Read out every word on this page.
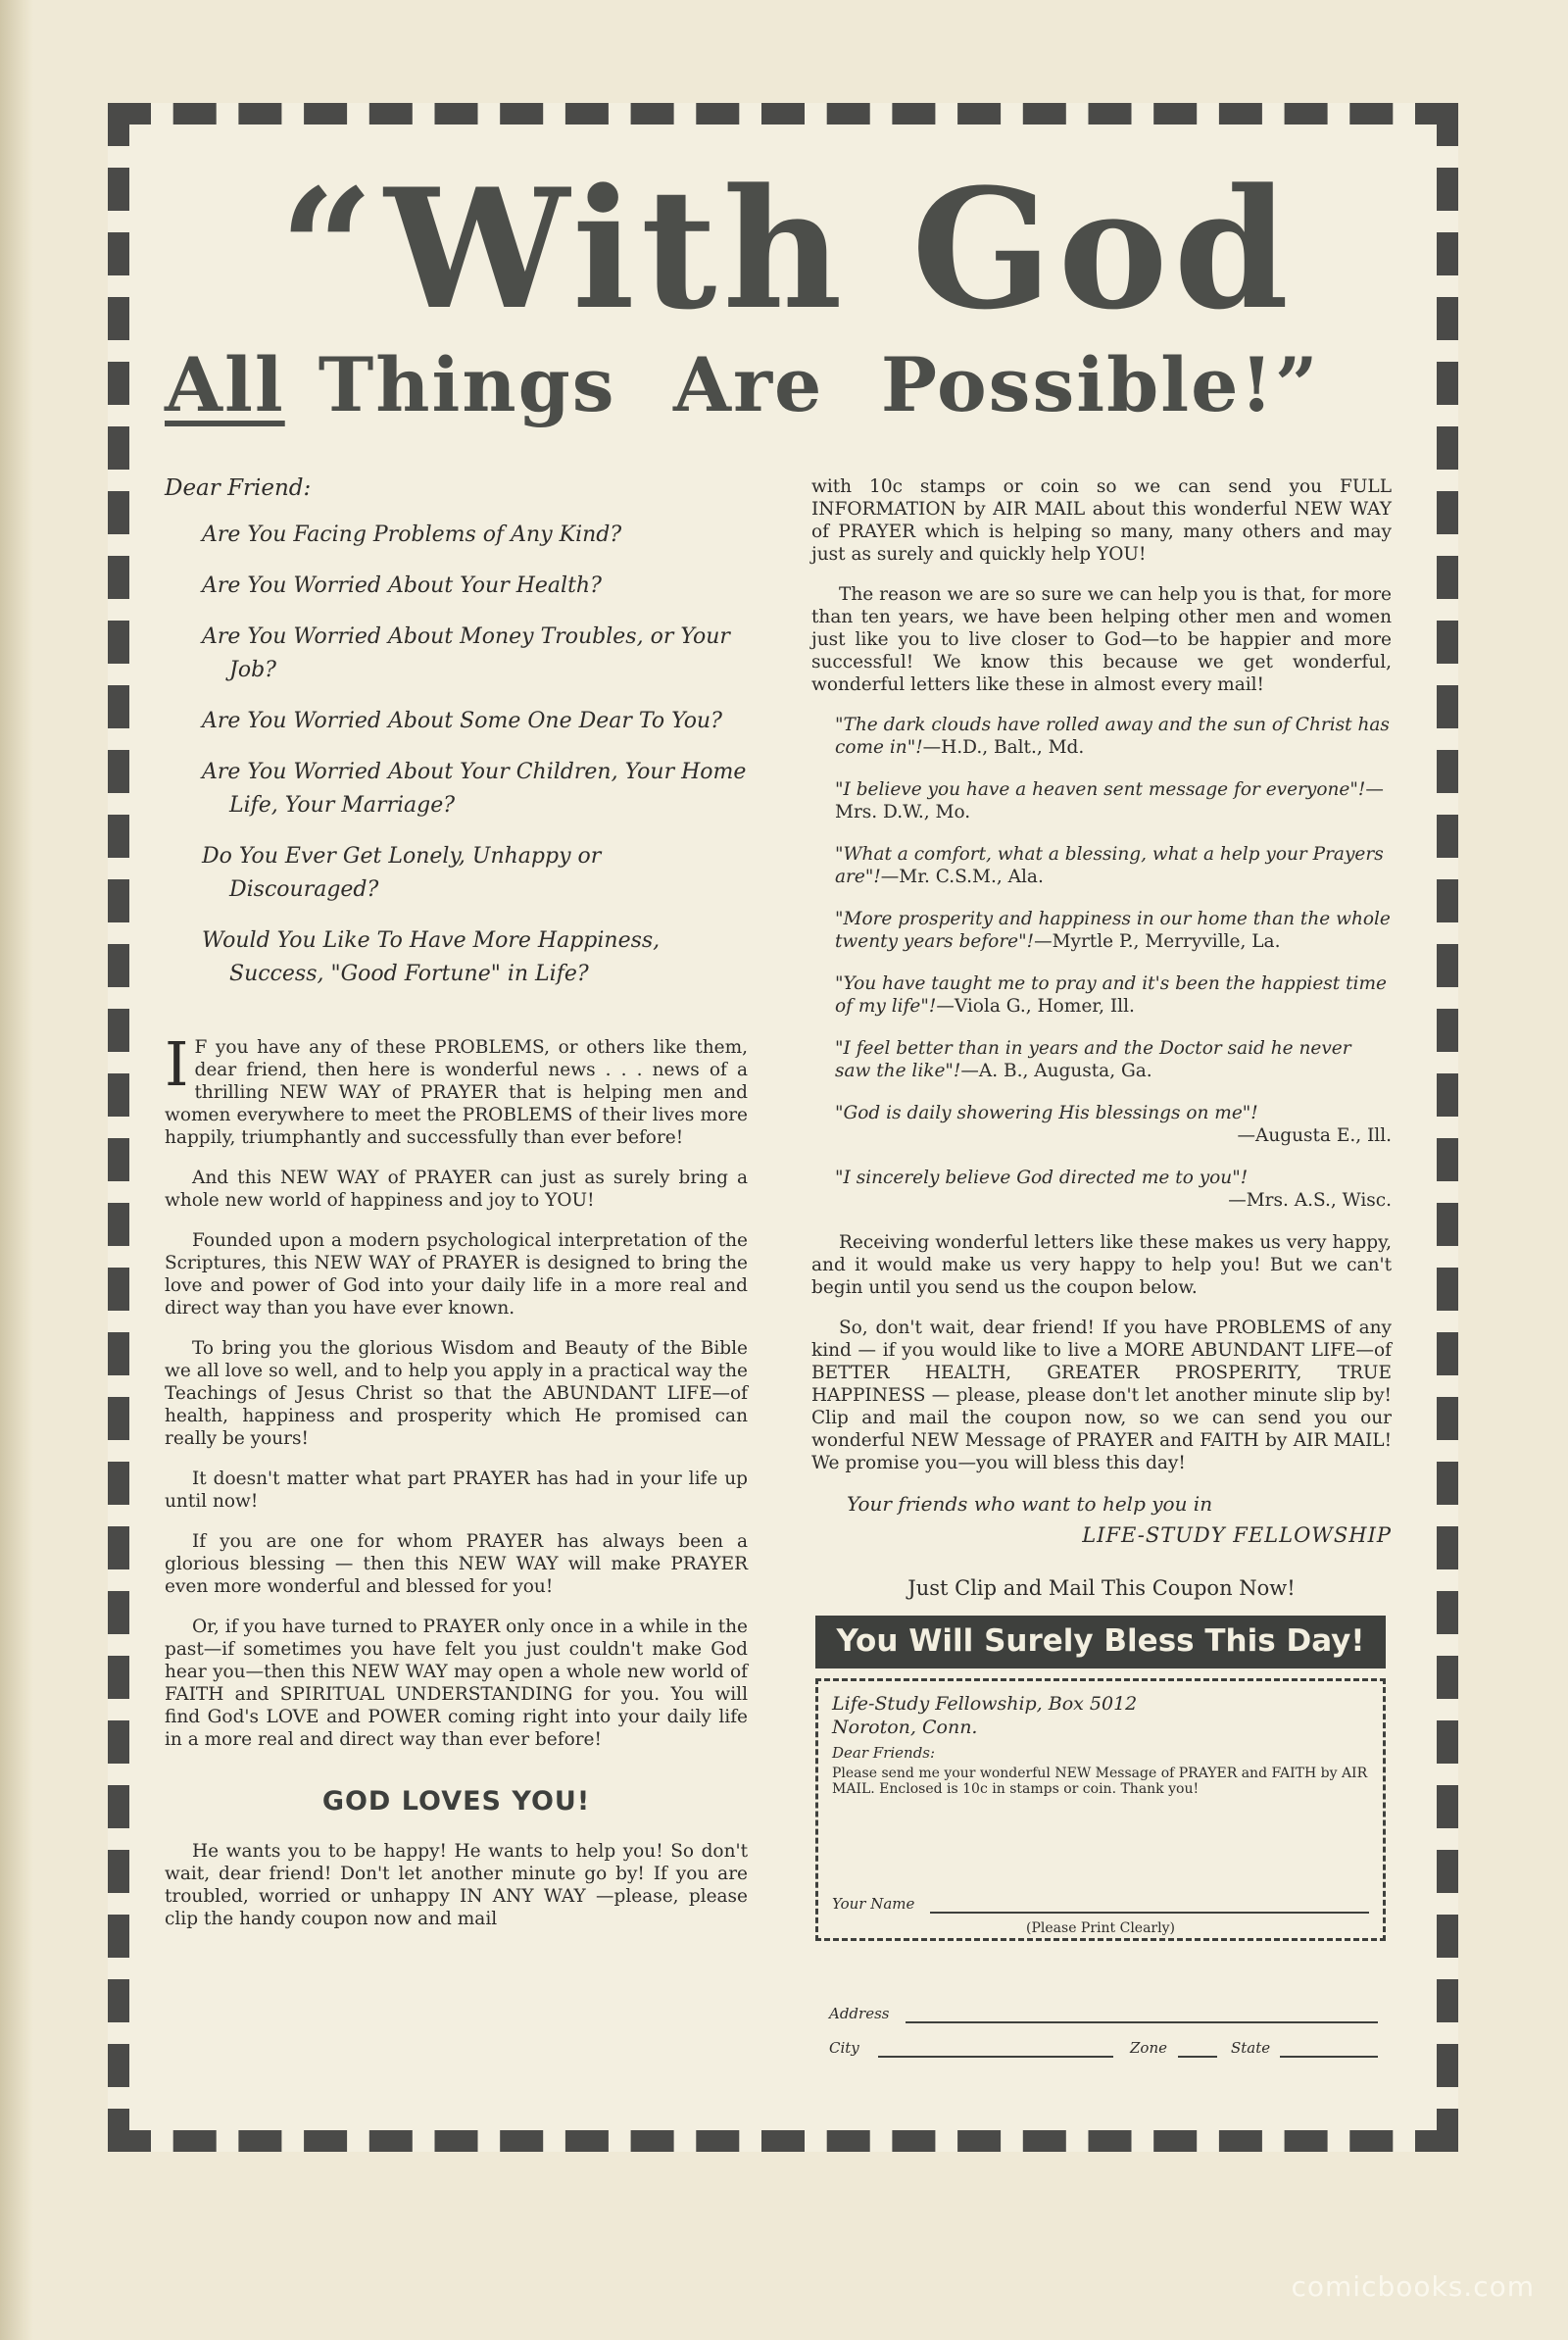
“With God
All Things Are Possible!”

Dear Friend:

Are You Facing Problems of Any Kind?

Are You Worried About Your Health?

Are You Worried About Money Troubles, or Your Job?

Are You Worried About Some One Dear To You?

Are You Worried About Your Children, Your Home Life, Your Marriage?

Do You Ever Get Lonely, Unhappy or Discouraged?

Would You Like To Have More Happiness, Success, "Good Fortune" in Life?

I F you have any of these PROBLEMS, or others like them, dear friend, then here is wonderful news . . . news of a thrilling NEW WAY of PRAYER that is helping men and women everywhere to meet the PROBLEMS of their lives more happily, triumphantly and successfully than ever before!

And this NEW WAY of PRAYER can just as surely bring a whole new world of happiness and joy to YOU!

Founded upon a modern psychological interpretation of the Scriptures, this NEW WAY of PRAYER is designed to bring the love and power of God into your daily life in a more real and direct way than you have ever known.

To bring you the glorious Wisdom and Beauty of the Bible we all love so well, and to help you apply in a practical way the Teachings of Jesus Christ so that the ABUNDANT LIFE—of health, happiness and prosperity which He promised can really be yours!

It doesn't matter what part PRAYER has had in your life up until now!

If you are one for whom PRAYER has always been a glorious blessing — then this NEW WAY will make PRAYER even more wonderful and blessed for you!

Or, if you have turned to PRAYER only once in a while in the past—if sometimes you have felt you just couldn't make God hear you—then this NEW WAY may open a whole new world of FAITH and SPIRITUAL UNDERSTANDING for you. You will find God's LOVE and POWER coming right into your daily life in a more real and direct way than ever before!

GOD LOVES YOU!

He wants you to be happy! He wants to help you! So don't wait, dear friend! Don't let another minute go by! If you are troubled, worried or unhappy IN ANY WAY —please, please clip the handy coupon now and mail

with 10c stamps or coin so we can send you FULL INFORMATION by AIR MAIL about this wonderful NEW WAY of PRAYER which is helping so many, many others and may just as surely and quickly help YOU!

The reason we are so sure we can help you is that, for more than ten years, we have been helping other men and women just like you to live closer to God—to be happier and more successful! We know this because we get wonderful, wonderful letters like these in almost every mail!

"The dark clouds have rolled away and the sun of Christ has come in"!—H.D., Balt., Md.

"I believe you have a heaven sent message for everyone"!—Mrs. D.W., Mo.

"What a comfort, what a blessing, what a help your Prayers are"!—Mr. C.S.M., Ala.

"More prosperity and happiness in our home than the whole twenty years before"!—Myrtle P., Merryville, La.

"You have taught me to pray and it's been the happiest time of my life"!—Viola G., Homer, Ill.

"I feel better than in years and the Doctor said he never saw the like"!—A. B., Augusta, Ga.

"God is daily showering His blessings on me"!
—Augusta E., Ill.

"I sincerely believe God directed me to you"!
—Mrs. A.S., Wisc.

Receiving wonderful letters like these makes us very happy, and it would make us very happy to help you! But we can't begin until you send us the coupon below.

So, don't wait, dear friend! If you have PROBLEMS of any kind — if you would like to live a MORE ABUNDANT LIFE—of BETTER HEALTH, GREATER PROSPERITY, TRUE HAPPINESS — please, please don't let another minute slip by! Clip and mail the coupon now, so we can send you our wonderful NEW Message of PRAYER and FAITH by AIR MAIL! We promise you—you will bless this day!

Your friends who want to help you in

LIFE-STUDY FELLOWSHIP

Just Clip and Mail This Coupon Now!

You Will Surely Bless This Day!

Life-Study Fellowship, Box 5012

Noroton, Conn.

Dear Friends:

Please send me your wonderful NEW Message of PRAYER and FAITH by AIR MAIL. Enclosed is 10c in stamps or coin. Thank you!

Your Name
(Please Print Clearly)
Address
City	Zone	State
comicbooks.com
